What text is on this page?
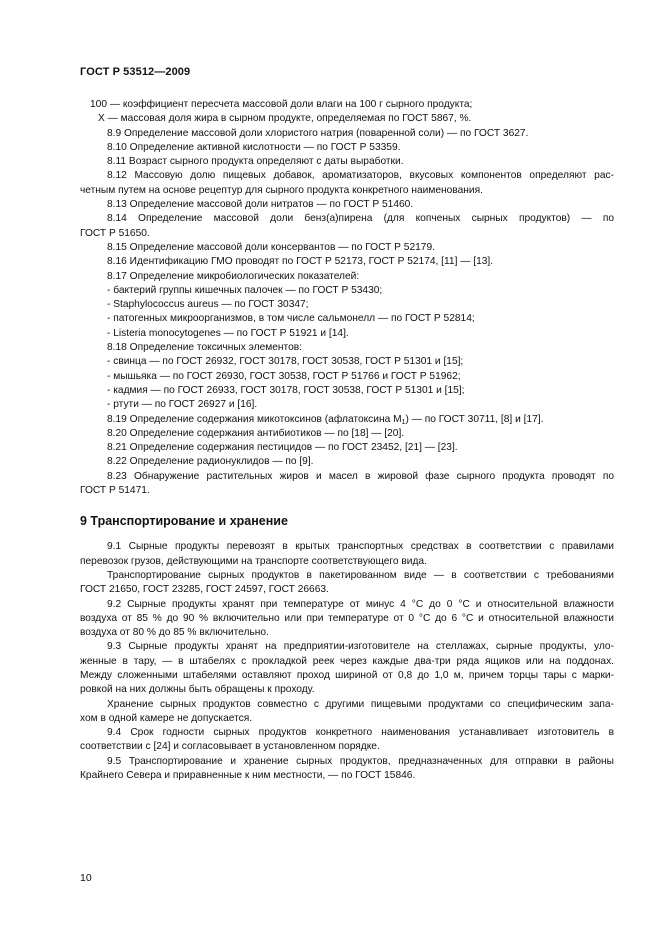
ГОСТ Р 53512—2009
100 — коэффициент пересчета массовой доли влаги на 100 г сырного продукта;
X — массовая доля жира в сырном продукте, определяемая по ГОСТ 5867, %.
8.9 Определение массовой доли хлористого натрия (поваренной соли) — по ГОСТ 3627.
8.10 Определение активной кислотности — по ГОСТ Р 53359.
8.11 Возраст сырного продукта определяют с даты выработки.
8.12 Массовую долю пищевых добавок, ароматизаторов, вкусовых компонентов определяют рас-
четным путем на основе рецептур для сырного продукта конкретного наименования.
8.13 Определение массовой доли нитратов — по ГОСТ Р 51460.
8.14 Определение массовой доли бенз(а)пирена (для копченых сырных продуктов) — по
ГОСТ Р 51650.
8.15 Определение массовой доли консервантов — по ГОСТ Р 52179.
8.16 Идентификацию ГМО проводят по ГОСТ Р 52173, ГОСТ Р 52174, [11] — [13].
8.17 Определение микробиологических показателей:
- бактерий группы кишечных палочек — по ГОСТ Р 53430;
- Staphylococcus aureus — по ГОСТ 30347;
- патогенных микроорганизмов, в том числе сальмонелл — по ГОСТ Р 52814;
- Listeria monocytogenes — по ГОСТ Р 51921 и [14].
8.18 Определение токсичных элементов:
- свинца — по ГОСТ 26932, ГОСТ 30178, ГОСТ 30538, ГОСТ Р 51301 и [15];
- мышьяка — по ГОСТ 26930, ГОСТ 30538, ГОСТ Р 51766 и ГОСТ Р 51962;
- кадмия — по ГОСТ 26933, ГОСТ 30178, ГОСТ 30538, ГОСТ Р 51301 и [15];
- ртути — по ГОСТ 26927 и [16].
8.19 Определение содержания микотоксинов (афлатоксина $M_1$) — по ГОСТ 30711, [8] и [17].
8.20 Определение содержания антибиотиков — по [18] — [20].
8.21 Определение содержания пестицидов — по ГОСТ 23452, [21] — [23].
8.22 Определение радионуклидов — по [9].
8.23 Обнаружение растительных жиров и масел в жировой фазе сырного продукта проводят по
ГОСТ Р 51471.
9 Транспортирование и хранение
9.1 Сырные продукты перевозят в крытых транспортных средствах в соответствии с правилами
перевозок грузов, действующими на транспорте соответствующего вида.
Транспортирование сырных продуктов в пакетированном виде — в соответствии с требованиями
ГОСТ 21650, ГОСТ 23285, ГОСТ 24597, ГОСТ 26663.
9.2 Сырные продукты хранят при температуре от минус 4 °С до 0 °С и относительной влажности
воздуха от 85 % до 90 % включительно или при температуре от 0 °С до 6 °С и относительной влажности
воздуха от 80 % до 85 % включительно.
9.3 Сырные продукты хранят на предприятии-изготовителе на стеллажах, сырные продукты, уло-
женные в тару, — в штабелях с прокладкой реек через каждые два-три ряда ящиков или на поддонах.
Между сложенными штабелями оставляют проход шириной от 0,8 до 1,0 м, причем торцы тары с марки-
ровкой на них должны быть обращены к проходу.
Хранение сырных продуктов совместно с другими пищевыми продуктами со специфическим запа-
хом в одной камере не допускается.
9.4 Срок годности сырных продуктов конкретного наименования устанавливает изготовитель в
соответствии с [24] и согласовывает в установленном порядке.
9.5 Транспортирование и хранение сырных продуктов, предназначенных для отправки в районы
Крайнего Севера и приравненные к ним местности, — по ГОСТ 15846.
10
